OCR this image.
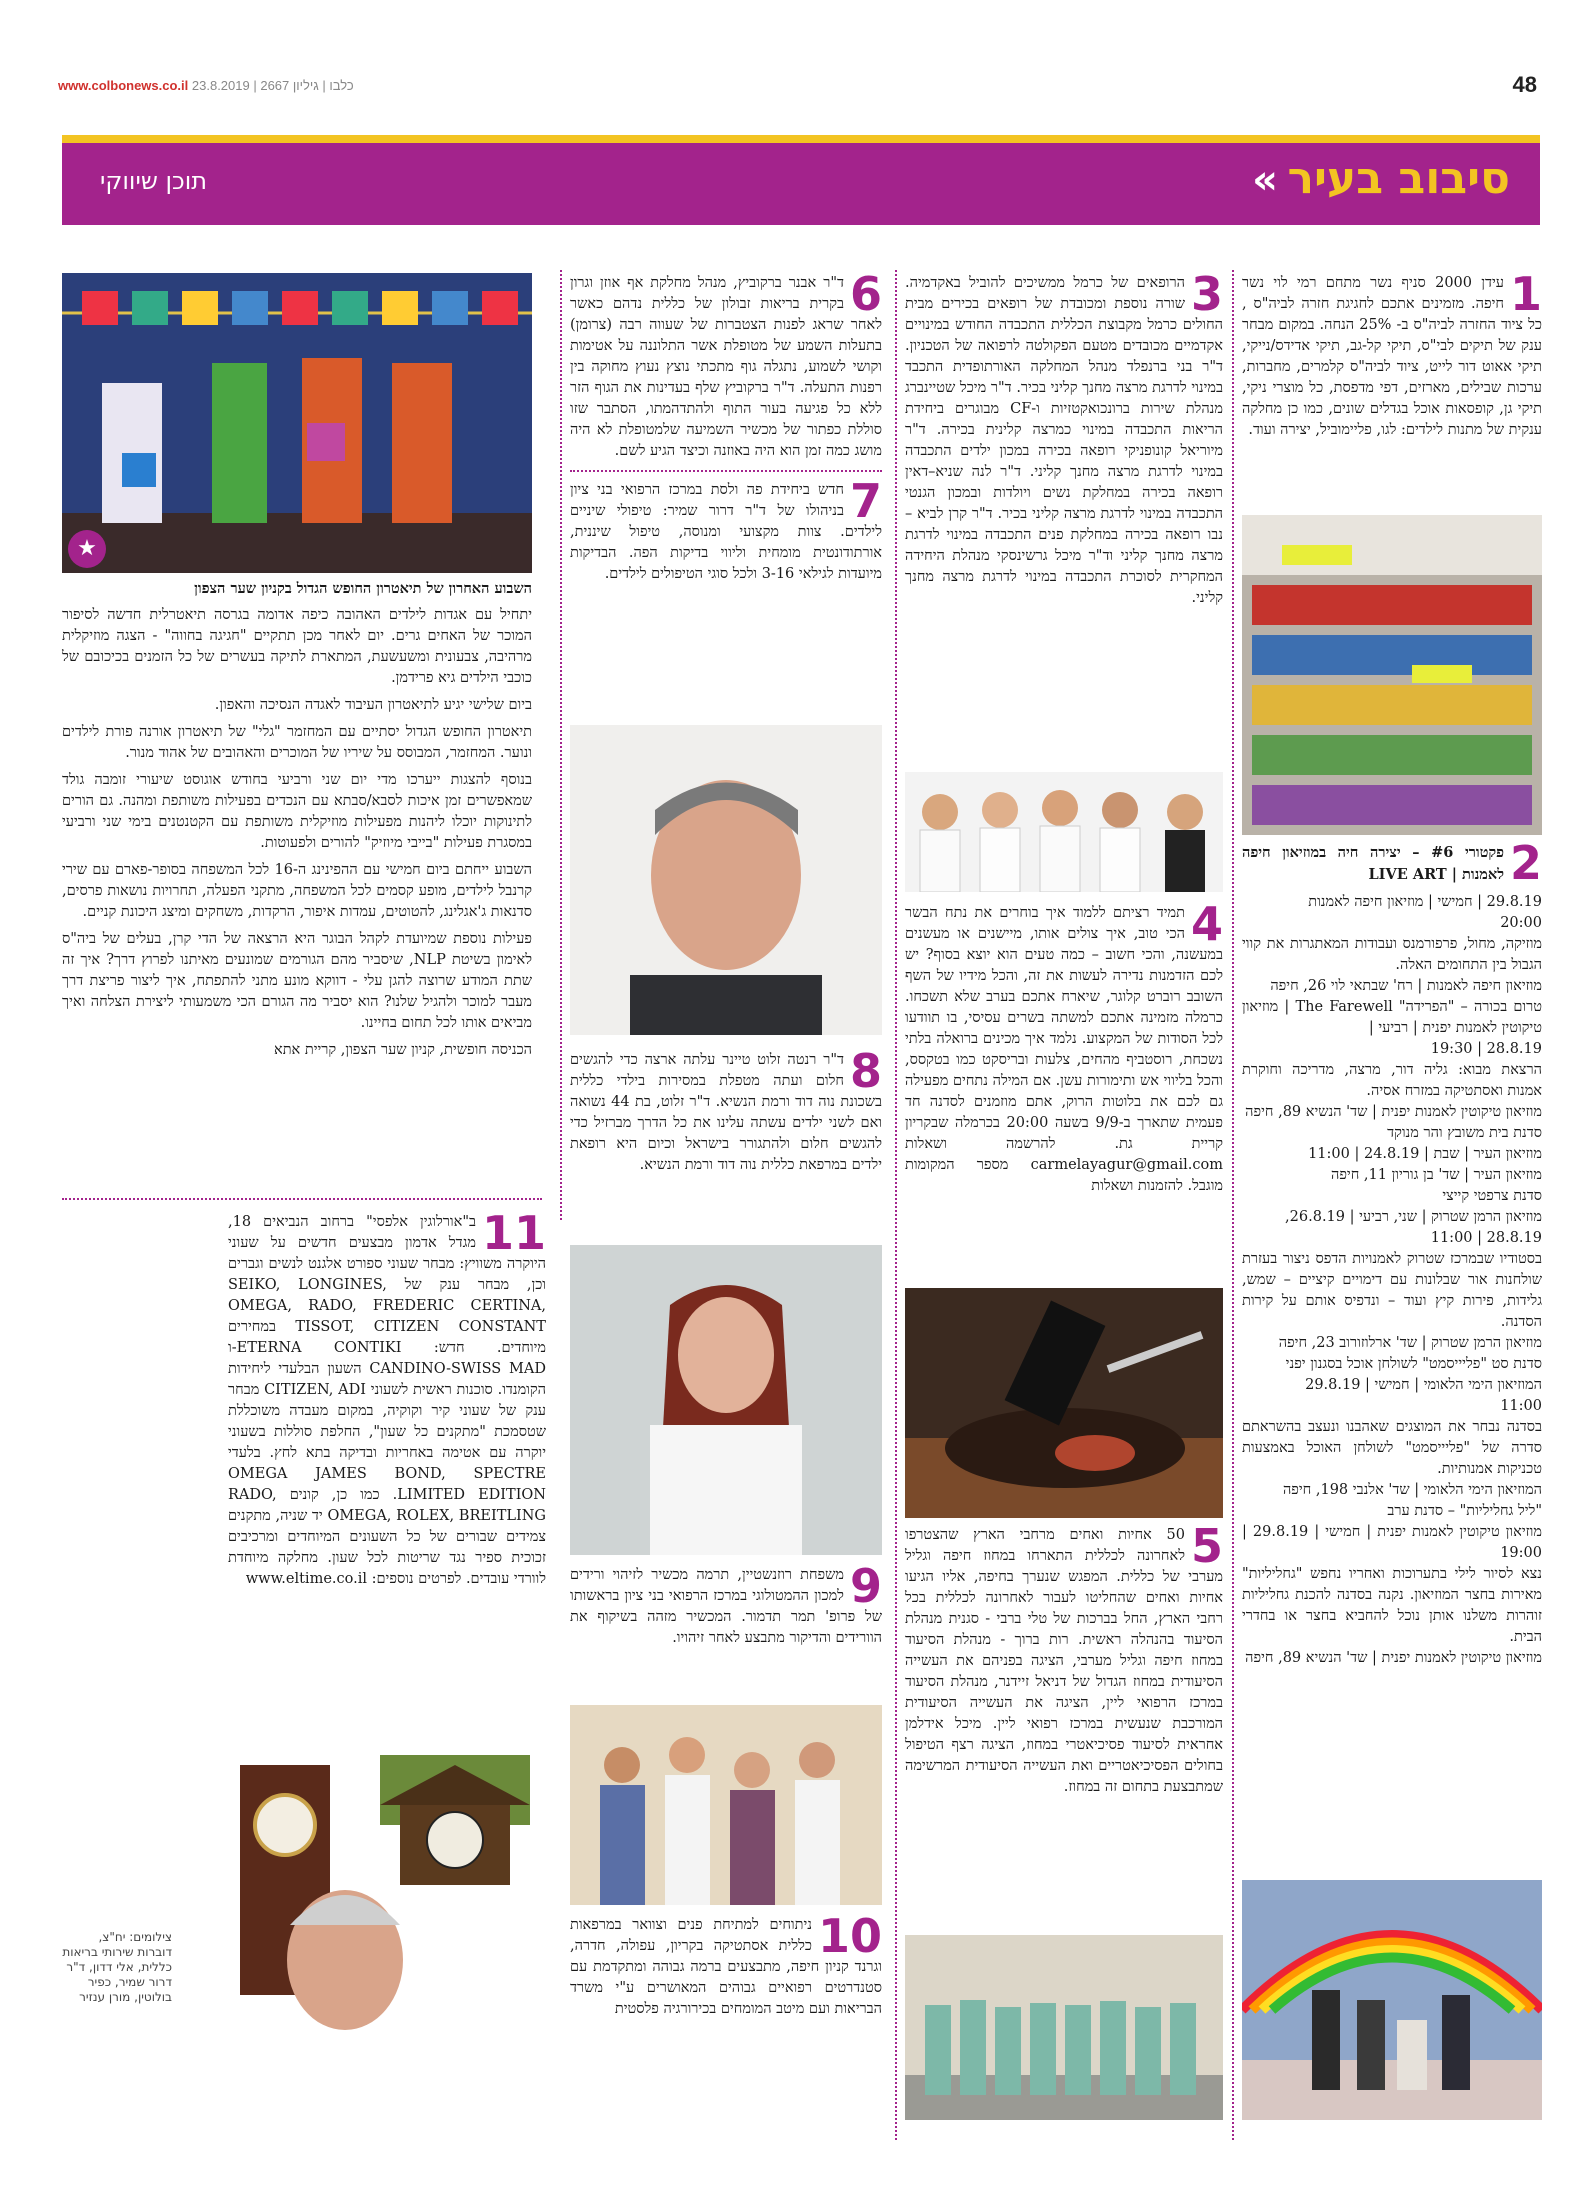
www.colbonews.co.il כלבו | גיליון 2667 | 23.8.2019	48
סיבוב בעיר
«
תוכן שיווקי

1
עידן 2000 סניף נשר מתחם רמי לוי נשר חיפה. מזמינים אתכם לחגיגת חזרה לביה"ס , כל ציוד החזרה לביה"ס ב- 25% הנחה. במקום מבחר ענק של תיקים לבי"ס, תיקי קל-גב, תיקי אדידס/נייקי, תיקי אאוט דור לייט, ציוד לביה"ס קלמרים, מחברות, ערכות שבילים, מארזים, דפי מדפסת, כל מוצרי ניקי, תיקי גן, קופסאות אוכל בגדלים שונים, כמו כן מחלקה ענקית של מתנות לילדים: לגו, פליימוביל, יצירה ועוד.

2
פקטורי #6 – יצירה חיה במוזיאון חיפה לאמנות | LIVE ART

29.8.19 | חמישי | מוזיאון חיפה לאמנות

20:00

מוזיקה, מחול, פרפורמנס ועבודות המאתגרות את קווי הגבול בין התחומים האלה.

מוזיאון חיפה לאמנות | רח' שבתאי לוי 26, חיפה

טרום בכורה – "הפרידה" The Farewell | מוזיאון טיקוטין לאמנות יפנית | רביעי |

28.8.19 | 19:30

הרצאת מבוא: גליה דור, מרצה, מדריכה וחוקרת אמנות ואסתטיקה במזרח אסיה.

מוזיאון טיקוטין לאמנות יפנית | שד' הנשיא 89, חיפה

סדנת בית משובץ והר מנוקד

מוזיאון העיר | שבת | 24.8.19 | 11:00

מוזיאון העיר | שד' בן גוריון 11, חיפה

סדנת צרפטי קייצי

מוזיאון הרמן שטרוק | שני, רביעי | 26.8.19,

28.8.19 | 11:00

בסטודיו שבמרכז שטרוק לאמנויות הדפס ניצור בעזרת שולחנות אור שבלונות עם דימויים קיציים – שמש, גלידות, פירות קיץ ועוד – ונדפיס אותם על קירות הסדנה.

מוזיאון הרמן שטרוק | שד' ארלוזורוב 23, חיפה

סדנת סט "פליייסמט" לשולחן אוכל בסגנון יפני

המוזיאון הימי הלאומי | חמישי | 29.8.19

11:00

בסדנה נבחר את המוצגים שאהבנו ונעצב בהשראתם סדרה של "פליייסמט" לשולחן האוכל באמצעות טכניקות אמנותיות.

המוזיאון הימי הלאומי | שד' אלנבי 198, חיפה

"ליל גחליליות" – סדנת ערב

מוזיאון טיקוטין לאמנות יפנית | חמישי | 29.8.19 | 19:00

נצא לסיור לילי בתערוכות ואחריו נחפש "גחליליות" מאירות בחצר המוזיאון. נקנה בסדנה להכנת גחליליות זוהרות משלנו אותן נוכל להחביא בחצר או בחדרי הבית.

מוזיאון טיקוטין לאמנות יפנית | שד' הנשיא 89, חיפה

3
הרופאים של כרמל ממשיכים להוביל באקדמיה. שורה נוספת ומכובדת של רופאים בכירים מבית החולים כרמל מקבוצת הכללית התכבדה החודש במינויים אקדמיים מכובדים מטעם הפקולטה לרפואה של הטכניון. ד"ר בני ברנפלד מנהל המחלקה האורתופדית התכבד במינוי לדרגת מרצה מחנך קליני בכיר. ד"ר מיכל שטיינברג מנהלת שירות ברונכואקטזיות ו-CF מבוגרים ביחידת הריאות התכבדה במינוי כמרצה קלינית בכירה. ד"ר מיוריאל קונופניקי רופאה בכירה במכון ילדים התכבדה במינוי לדרגת מרצה מחנך קליני. ד"ר לנה שניא–דאין רופאה בכירה במחלקת נשים ויולדות ובמכון הגנטי התכבדה במינוי לדרגת מרצה קליני בכיר. ד"ר קרן לביא – נבו רופאה בכירה במחלקת פנים התכבדה במינוי לדרגת מרצה מחנך קליני וד"ר מיכל גרשינסקי מנהלת היחידה המחקרית לסוכרת התכבדה במינוי לדרגת מרצה מחנך קליני.

4
תמיד רציתם ללמוד איך בוחרים את נתח הבשר הכי טוב, איך צולים אותו, מיישנים או מעשנים במעשנה, והכי חשוב – כמה טעים הוא יוצא בסוף? יש לכם הזדמנות נדירה לעשות את זה, והכל מידיו של השף השובב רוברט קלוגר, שיארח אתכם בערב שלא תשכחו. כרמלה מזמינה אתכם למשתה בשרים עסיסי, בו תוודעו לכל הסודות של המקצוע. נלמד איך מכינים ברואלה בלתי נשכחת, רוסטביף מהחים, צלעות ובריסקט כמו בטקסס, והכל בליווי אש ותימורות עשן. אם המילה נתחים מפעילה גם לכם את בלוטות הרוק, אתם מוזמנים לסדנה חד פעמית שתארך ב-9/9 בשעה 20:00 בכרמלה שבקריון קריית גת. להרשמה ושאלות carmelayagur@gmail.com מספר המקומות מוגבל. להזמנות ושאלות

5
50 אחיות ואחים מרחבי הארץ שהצטרפו לאחרונה לכללית התארחו במחוז חיפה וגליל מערבי של כללית. המפגש שנערך בחיפה, אליו הגיעו אחיות ואחים שהחליטו לעבור לאחרונה לכללית בכל רחבי הארץ, החל בברכות של טלי ברבי - סגנית מנהלת הסיעוד בהנהלה ראשית. רות ברוך - מנהלת הסיעוד במחוז חיפה וגליל מערבי, הציגה בפניהם את העשייה הסיעודית במחוז הגדול של דניאל זיידנר, מנהלת הסיעוד במרכז הרפואי ליין, הציגה את העשייה הסיעודית המורכבת שנעשית במרכז רפואי ליין. מיכל אידלמן אחראית לסיעוד פסיכיאטרי במחוז, הציגה רצף הטיפול בחולים הפסיכיאטריים ואת העשייה הסיעודית המרשימה שמתבצעת בתחום זה במחוז.

6
ד"ר אבנר ברקוביץ, מנהל מחלקת אף אוזן וגרון בקרית בריאות זבולון של כללית נדהם כאשר לאחר שראג לפנות הצטברות של שעווה רבה (צרומן) בתעלות השמע של מטופלת אשר התלוננה על אטימות וקושי לשמוע, נתגלה גוף מתכתי נוצץ נעוץ מחוקה בין רפנות התעלה. ד"ר ברקוביץ שלף בעדינות את הגוף הזר ללא כל פגיעה בעור התוף ולהתדהמתו, הסתבר שזו סוללת כפתור של מכשיר השמיעה שלמטופלת לא היה מושג כמה זמן הוא היה באוזנה וכיצד הגיע לשם.

7
חדש ביחידת פה ולסת במרכז הרפואי בני ציון בניהולו של ד"ר דרור שמיר: טיפולי שיניים לילדים. צוות מקצועי ומנוסה, טיפול שיננית, אורתודונטית מומחית וליווי בדיקות הפה. הבדיקות מיועדות לגילאי 3-16 ולכל סוגי הטיפולים לילדים.

8
ד"ר רנטה זלוט טיינר עלתה ארצה כדי להגשים חלום ועתה מטפלת במסירות בילדי כללית בשכונת נוה דוד ורמת הנשיא. ד"ר זלוט, בת 44 נשואה ואם לשני ילדים עשתה עלינו את כל הדרך מברזיל כדי להגשים חלום ולהתגורר בישראל וכיום היא רופאת ילדים במרפאת כללית נוה דוד ורמת הנשיא.

9
משפחת רוזנשטיין, תרמה מכשיר לזיהוי ורידים למכון ההמטולוגי במרכז הרפואי בני ציון בראשותו של פרופ' תמר תדמור. המכשיר מזהה בשיקוף את הוורידים והדיקור מתבצע לאחר זיהויו.

10
ניתוחים למתיחת פנים וצוואר במרפאות כללית אסתטיקה בקריון, עפולה, חדרה, וגרנד קניון חיפה, מתבצעים ברמה גבוהה ומתקדמת עם סטנדרטים רפואיים גבוהים המאושרים ע"י משרד הבריאות ועם מיטב המומחים בכירורגיה פלסטית

★

השבוע האחרון של תיאטרון החופש הגדול בקניון שער הצפון

יתחיל עם אגדות לילדים האהובה כיפה אדומה בגרסה תיאטרלית חדשה לסיפור המוכר של האחים גרים. יום לאחר מכן תתקיים "חגיגה בחווה" - הצגה מוזיקלית מרהיבה, צבעונית ומשעשעת, המתארת לתיקה בעשרים של כל הזמנים בכיכובם של כוכבי הילדים גיא פרידמן.

ביום שלישי יגיע לתיאטרון העיבוד לאגדה הנסיכה והאפון.

תיאטרון החופש הגדול יסתיים עם המחזמר "גלי" של תיאטרון אורנה פורת לילדים ונוער. המחזמר, המבוסס על שיריו של המוכרים והאהובים של אהוד מנור.

בנוסף להצגות ייערכו מדי יום שני ורביעי בחודש אוגוסט שיעורי זומבה גולד שמאפשרים זמן איכות לסבא/סבתא עם הנכדים בפעילות משותפת ומהנה. גם הורים לתינוקות יוכלו ליהנות מפעילות מוזיקלית משותפת עם הקטנטנים בימי שני ורביעי במסגרת פעילות "בייבי מיוזיק" להורים ולפעוטות.

השבוע ייחתם ביום חמישי עם ההפינינג ה-16 לכל המשפחה בסופר-פארם עם שירי קרנבל לילדים, מופע קסמים לכל המשפחה, מתקני הפעלה, תחרויות נושאות פרסים, סדנאות ג'אגלינג, להטוטים, עמדות איפור, הרקדות, משחקים ומיצג היכונת קניים.

פעילות נוספת שמיועדת לקהל הבוגר היא הרצאה של הדי קרן, בעלים של ביה"ס לאימון בשיטת NLP, שיסביר מהם הגורמים שמונעים מאיתנו לפרוץ דרך? איך זה שתת המודע שרוצה להגן עלי - דווקא מונע מתני להתפתח, איך ליצור פריצת דרך מעבר למוכר ולהגיל שלנו? הוא יסביר מה הגורם הכי משמעותי ליצירת הצלחה ואיך מביאים אותו לכל תחום בחיינו.

הכניסה חופשית, קניון שער הצפון, קריית אתא

11
ב"אורלוגין אלפסי" ברחוב הנביאים 18, מגדל אדמון מבצעים חדשים על שעוני היוקרה משוויץ: מבחר שעוני ספורט אלגנט לנשים וגברים וכן, מבחר ענק של SEIKO, LONGINES, OMEGA, RADO, FREDERIC CERTINA, TISSOT, CITIZEN CONSTANT במחירים מיוחדים. חדש: ETERNA CONTIKI-ו CANDINO-SWISS MAD השעון הבלעדי ליחידות הקומנדו. סוכנות ראשית לשעוני CITIZEN, ADI מבחר ענק של שעוני קיר וקוקיה, במקום מעבדה משוכללת שטסמכת "מתקנים כל שעון", החלפת סוללות בשעוני יוקרה עם אטימה באחריות ובדיקה בתא לחץ. בלעדי OMEGA JAMES BOND, SPECTRE LIMITED EDITION. כמו כן, קונים RADO, OMEGA, ROLEX, BREITLING יד שניה, מתקנים צמידים שבורים של כל השעונים המיוחדים ומרכיבים זכוכית ספיר נגד שריטות לכל שעון. מחלקה מיוחדת לוורדי עובדים. לפרטים נוספים: www.eltime.co.il

צילומים: יח"צ, דוברות שירותי בריאות כללית, אלי דדון, ד"ר דרור שמיר, כפיר בולוטין, מורן ענזיר
